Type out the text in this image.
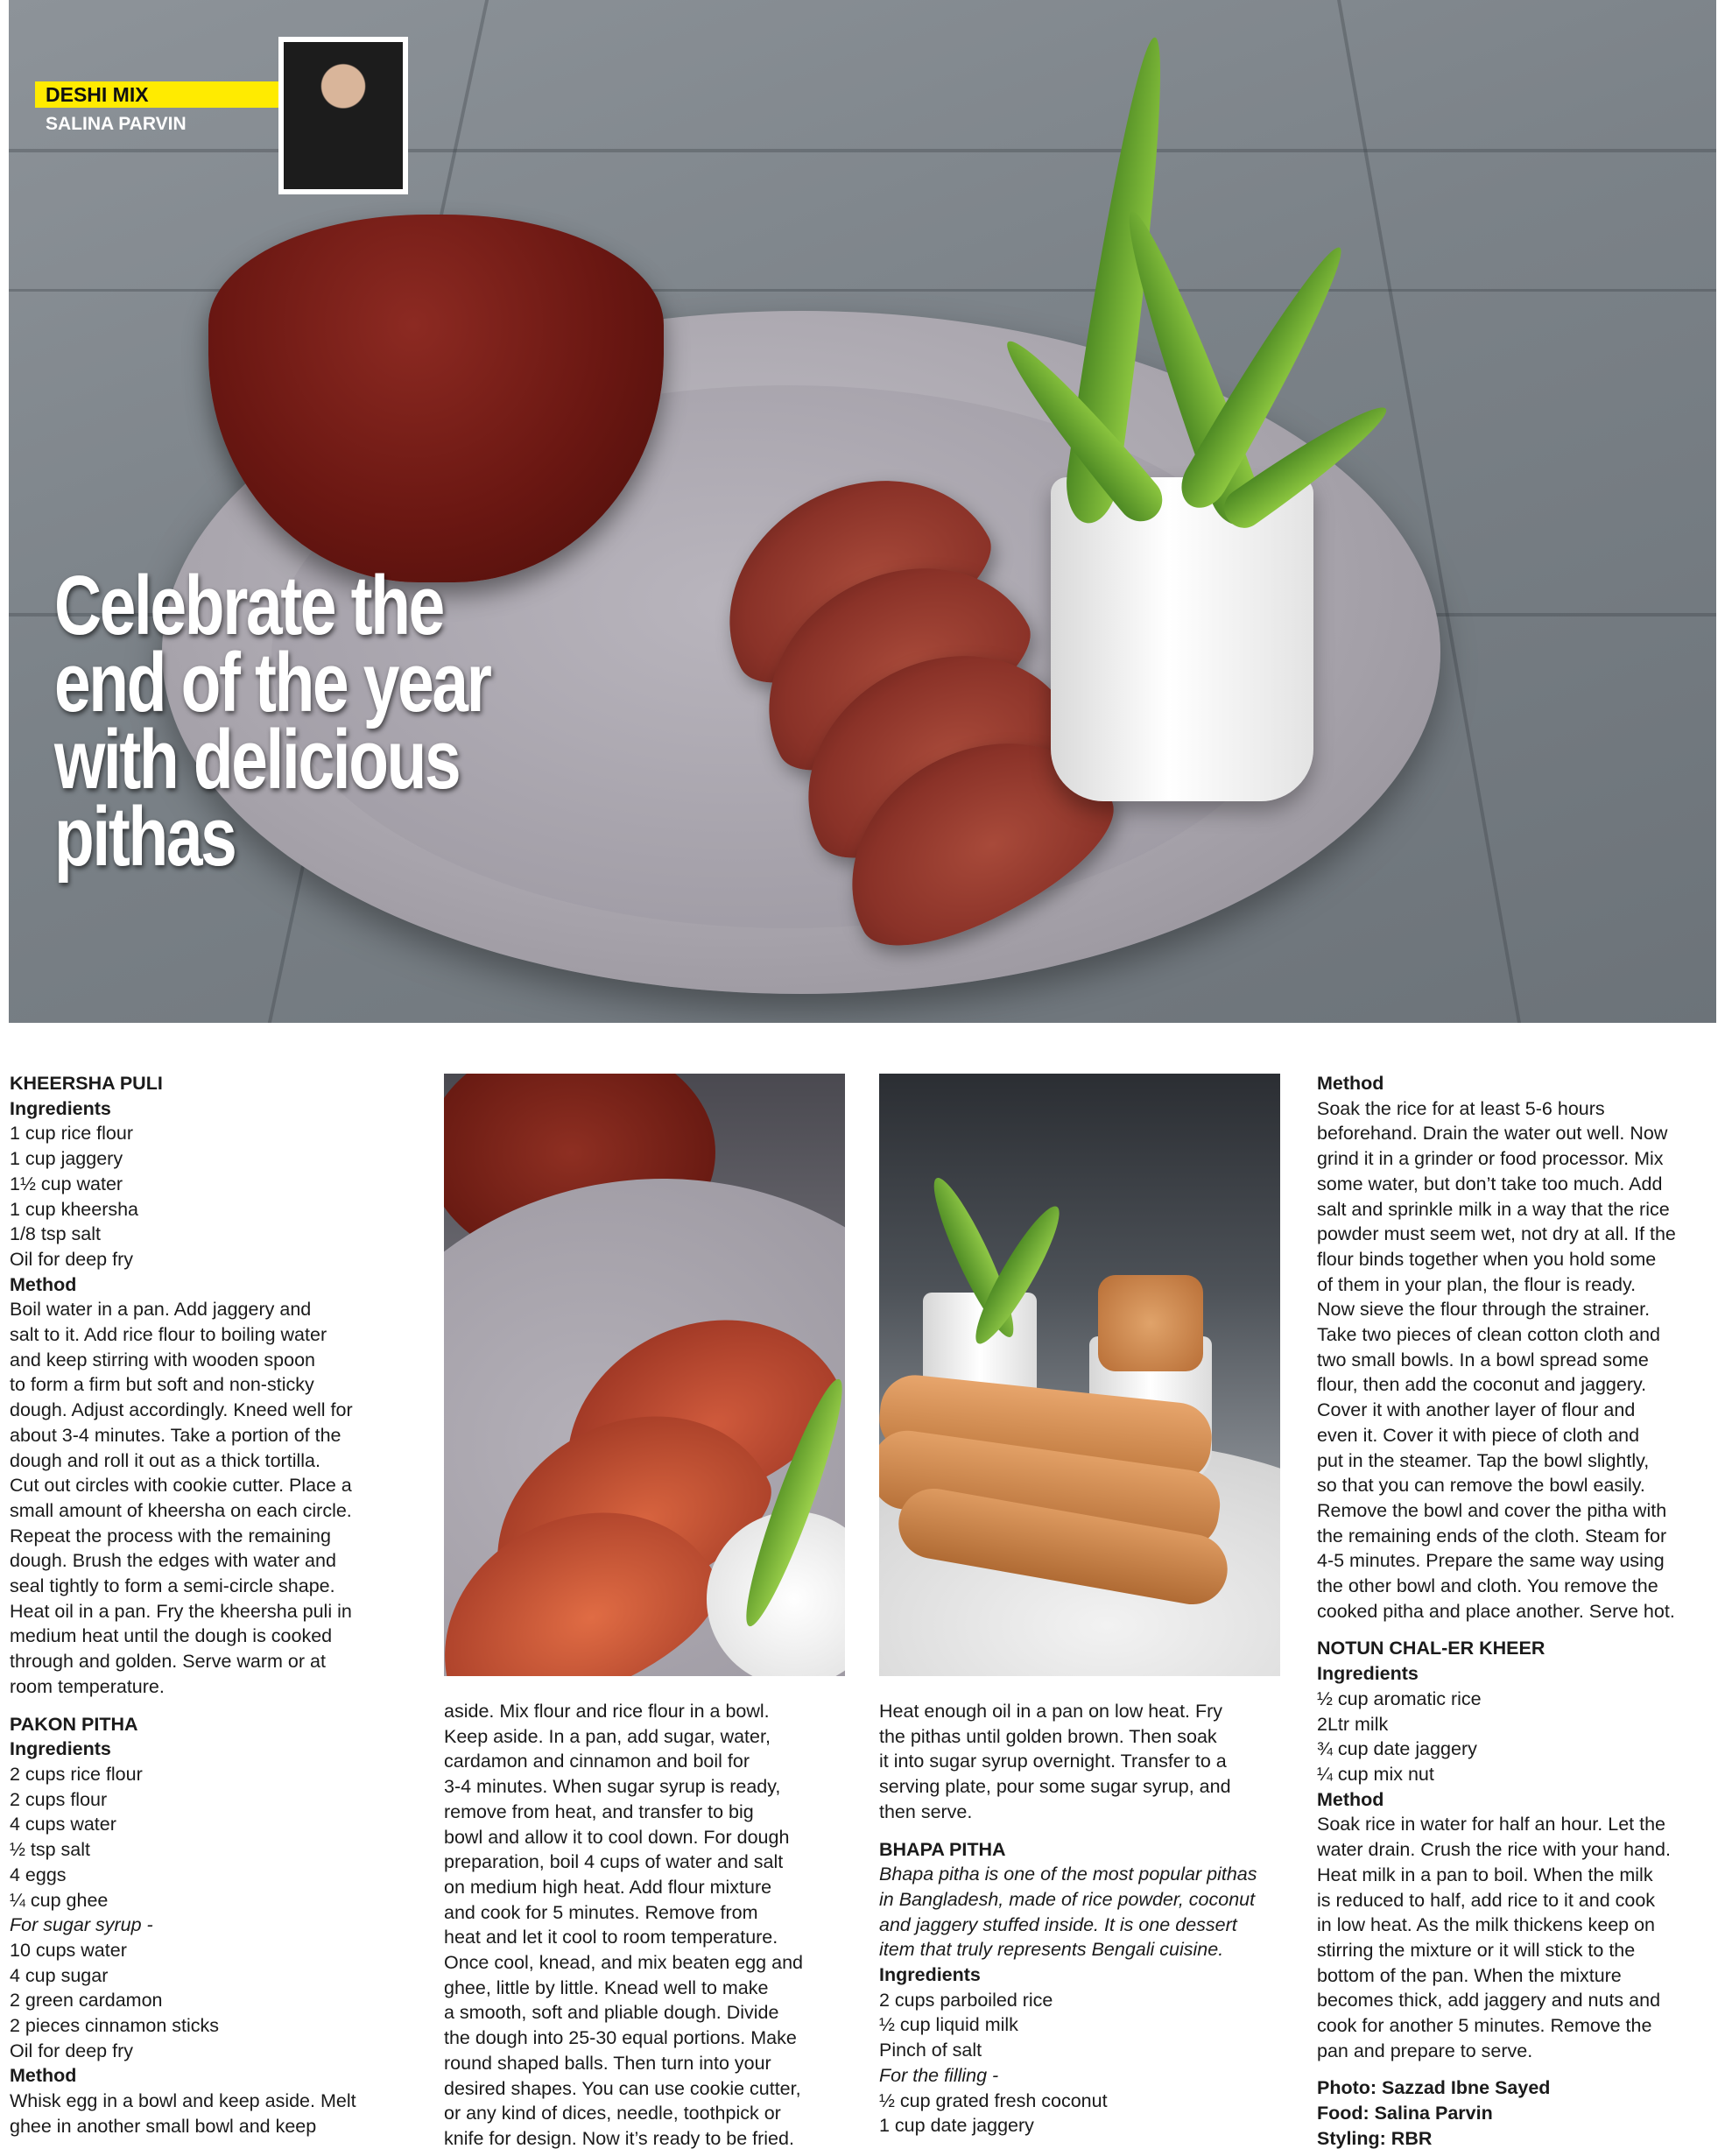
DESHI MIX
SALINA PARVIN
Celebrate the
end of the year
with delicious
pithas
KHEERSHA PULI
Ingredients
1 cup rice flour
1 cup jaggery
1½ cup water
1 cup kheersha
1/8 tsp salt
Oil for deep fry
Method
Boil water in a pan. Add jaggery and
salt to it. Add rice flour to boiling water
and keep stirring with wooden spoon
to form a firm but soft and non-sticky
dough. Adjust accordingly. Kneed well for
about 3-4 minutes. Take a portion of the
dough and roll it out as a thick tortilla.
Cut out circles with cookie cutter. Place a
small amount of kheersha on each circle.
Repeat the process with the remaining
dough. Brush the edges with water and
seal tightly to form a semi-circle shape.
Heat oil in a pan. Fry the kheersha puli in
medium heat until the dough is cooked
through and golden. Serve warm or at
room temperature.
PAKON PITHA
Ingredients
2 cups rice flour
2 cups flour
4 cups water
½ tsp salt
4 eggs
¼ cup ghee
For sugar syrup -
10 cups water
4 cup sugar
2 green cardamon
2 pieces cinnamon sticks
Oil for deep fry
Method
Whisk egg in a bowl and keep aside. Melt
ghee in another small bowl and keep
aside. Mix flour and rice flour in a bowl.
Keep aside. In a pan, add sugar, water,
cardamon and cinnamon and boil for
3-4 minutes. When sugar syrup is ready,
remove from heat, and transfer to big
bowl and allow it to cool down. For dough
preparation, boil 4 cups of water and salt
on medium high heat. Add flour mixture
and cook for 5 minutes. Remove from
heat and let it cool to room temperature.
Once cool, knead, and mix beaten egg and
ghee, little by little. Knead well to make
a smooth, soft and pliable dough. Divide
the dough into 25-30 equal portions. Make
round shaped balls. Then turn into your
desired shapes. You can use cookie cutter,
or any kind of dices, needle, toothpick or
knife for design. Now it’s ready to be fried.
Heat enough oil in a pan on low heat. Fry
the pithas until golden brown. Then soak
it into sugar syrup overnight. Transfer to a
serving plate, pour some sugar syrup, and
then serve.
BHAPA PITHA
Bhapa pitha is one of the most popular pithas
in Bangladesh, made of rice powder, coconut
and jaggery stuffed inside. It is one dessert
item that truly represents Bengali cuisine.
Ingredients
2 cups parboiled rice
½ cup liquid milk
Pinch of salt
For the filling -
½ cup grated fresh coconut
1 cup date jaggery
Method
Soak the rice for at least 5-6 hours
beforehand. Drain the water out well. Now
grind it in a grinder or food processor. Mix
some water, but don’t take too much. Add
salt and sprinkle milk in a way that the rice
powder must seem wet, not dry at all. If the
flour binds together when you hold some
of them in your plan, the flour is ready.
Now sieve the flour through the strainer.
Take two pieces of clean cotton cloth and
two small bowls. In a bowl spread some
flour, then add the coconut and jaggery.
Cover it with another layer of flour and
even it. Cover it with piece of cloth and
put in the steamer. Tap the bowl slightly,
so that you can remove the bowl easily.
Remove the bowl and cover the pitha with
the remaining ends of the cloth. Steam for
4-5 minutes. Prepare the same way using
the other bowl and cloth. You remove the
cooked pitha and place another. Serve hot.
NOTUN CHAL-ER KHEER
Ingredients
½ cup aromatic rice
2Ltr milk
¾ cup date jaggery
¼ cup mix nut
Method
Soak rice in water for half an hour. Let the
water drain. Crush the rice with your hand.
Heat milk in a pan to boil. When the milk
is reduced to half, add rice to it and cook
in low heat. As the milk thickens keep on
stirring the mixture or it will stick to the
bottom of the pan. When the mixture
becomes thick, add jaggery and nuts and
cook for another 5 minutes. Remove the
pan and prepare to serve.
Photo: Sazzad Ibne Sayed
Food: Salina Parvin
Styling: RBR
